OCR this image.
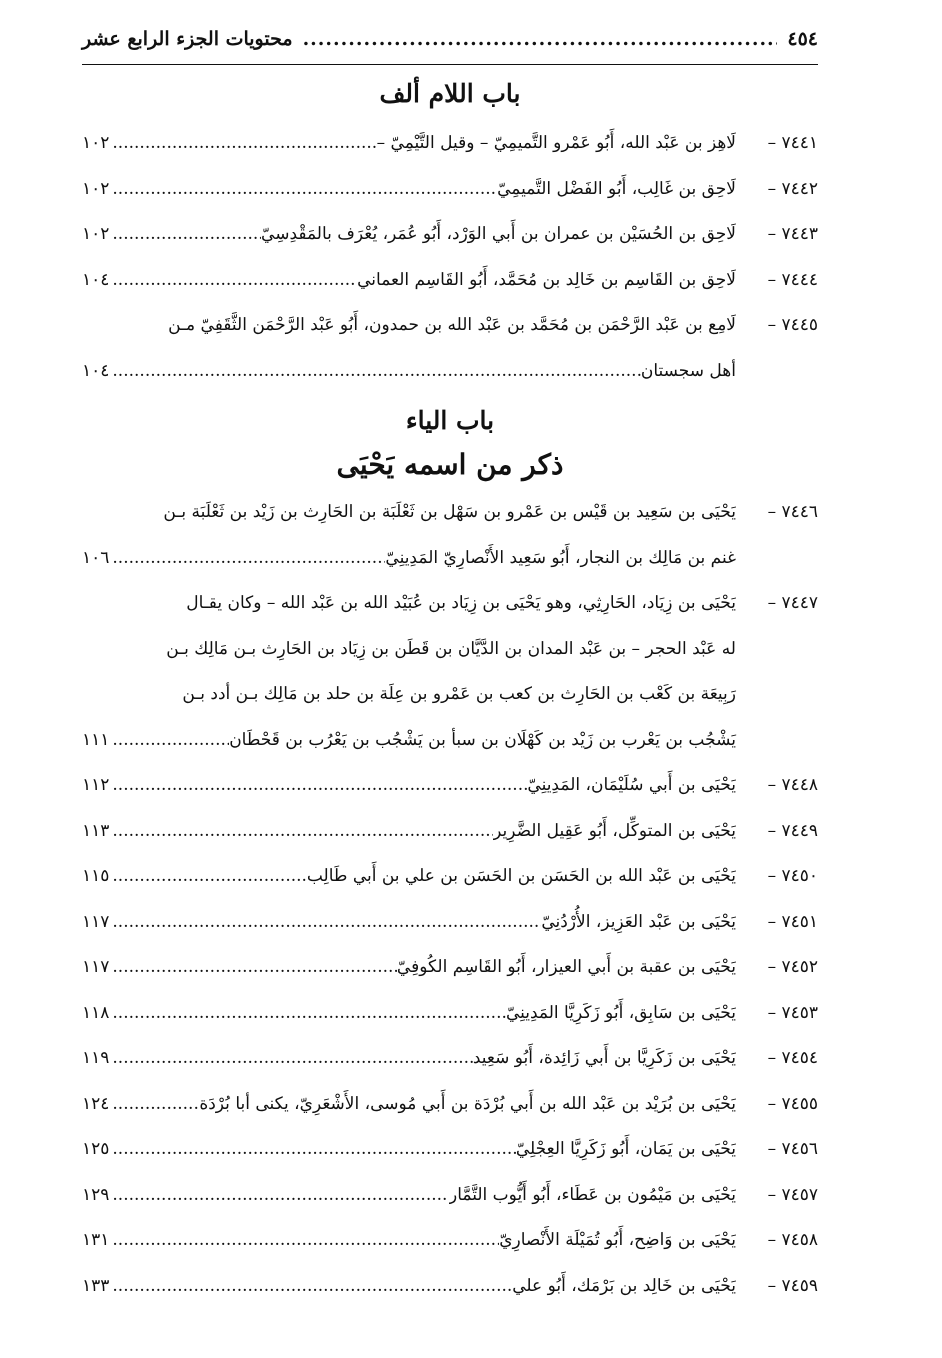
٤٥٤
.....
محتويات الجزء الرابع عشر
باب اللام ألف
٧٤٤١ –
لَاهِز بن عَبْد الله، أَبُو عَمْرو التَّميمِيّ – وقيل التَّيْمِيّ –
.....
١٠٢
٧٤٤٢ –
لَاحِق بن غَالِب، أَبُو الفَضْل التَّميمِيّ
.....
١٠٢
٧٤٤٣ –
لَاحِق بن الحُسَيْن بن عمران بن أَبي الوَرْد، أَبُو عُمَر، يُعْرَف بالمَقْدِسِيّ
.....
١٠٢
٧٤٤٤ –
لَاحِق بن القَاسِم بن خَالِد بن مُحَمَّد، أَبُو القَاسِم العماني
.....
١٠٤
٧٤٤٥ –
لَامِع بن عَبْد الرَّحْمَن بن مُحَمَّد بن عَبْد الله بن حمدون، أَبُو عَبْد الرَّحْمَن الثَّقَفِيّ مـن
أهل سجستان
.....
١٠٤
باب الياء
ذكر من اسمه يَحْيَى
٧٤٤٦ –
يَحْيَى بن سَعِيد بن قَيْس بن عَمْرو بن سَهْل بن ثَعْلَبَة بن الحَارِث بن زَيْد بن ثَعْلَبَة بـن
غنم بن مَالِك بن النجار، أَبُو سَعِيد الأَنْصارِيّ المَدِينِيّ
.....
١٠٦
٧٤٤٧ –
يَحْيَى بن زِيَاد، الحَارِثِي، وهو يَحْيَى بن زِيَاد بن عُبَيْد الله بن عَبْد الله – وكان يقـال
له عَبْد الحجر – بن عَبْد المدان بن الدَّيَّان بن قَطَن بن زِيَاد بن الحَارِث بـن مَالِك بـن
رَبِيعَة بن كَعْب بن الحَارِث بن كعب بن عَمْرو بن عِلَة بن حلد بن مَالِك بـن أدد بـن
يَشْجُب بن يَعْرب بن زَيْد بن كَهْلَان بن سبأ بن يَشْجُب بن يَعْرُب بن قَحْطَان
.....
١١١
٧٤٤٨ –
يَحْيَى بن أَبي سُلَيْمَان، المَدِينِيّ
.....
١١٢
٧٤٤٩ –
يَحْيَى بن المتوكِّل، أَبُو عَقِيل الضَّرِير
.....
١١٣
٧٤٥٠ –
يَحْيَى بن عَبْد الله بن الحَسَن بن الحَسَن بن علي بن أَبي طَالِب
.....
١١٥
٧٤٥١ –
يَحْيَى بن عَبْد العَزِيز، الأُرْدُنِيّ
.....
١١٧
٧٤٥٢ –
يَحْيَى بن عقبة بن أَبي العيزار، أَبُو القَاسِم الكُوفِيّ
.....
١١٧
٧٤٥٣ –
يَحْيَى بن سَابِق، أَبُو زَكَرِيَّا المَدِينِيّ
.....
١١٨
٧٤٥٤ –
يَحْيَى بن زَكَرِيَّا بن أَبي زَائِدة، أَبُو سَعِيد
.....
١١٩
٧٤٥٥ –
يَحْيَى بن بُرَيْد بن عَبْد الله بن أَبي بُرْدَة بن أَبي مُوسى، الأَشْعَرِيّ، يكنى أبا بُرْدَة
.....
١٢٤
٧٤٥٦ –
يَحْيَى بن يَمَان، أَبُو زَكَرِيَّا العِجْلِيّ
.....
١٢٥
٧٤٥٧ –
يَحْيَى بن مَيْمُون بن عَطَاء، أَبُو أَيُّوب التَّمَّار
.....
١٢٩
٧٤٥٨ –
يَحْيَى بن وَاضِح، أَبُو تُمَيْلَة الأَنْصارِيّ
.....
١٣١
٧٤٥٩ –
يَحْيَى بن خَالِد بن بَرْمَك، أَبُو علي
.....
١٣٣
